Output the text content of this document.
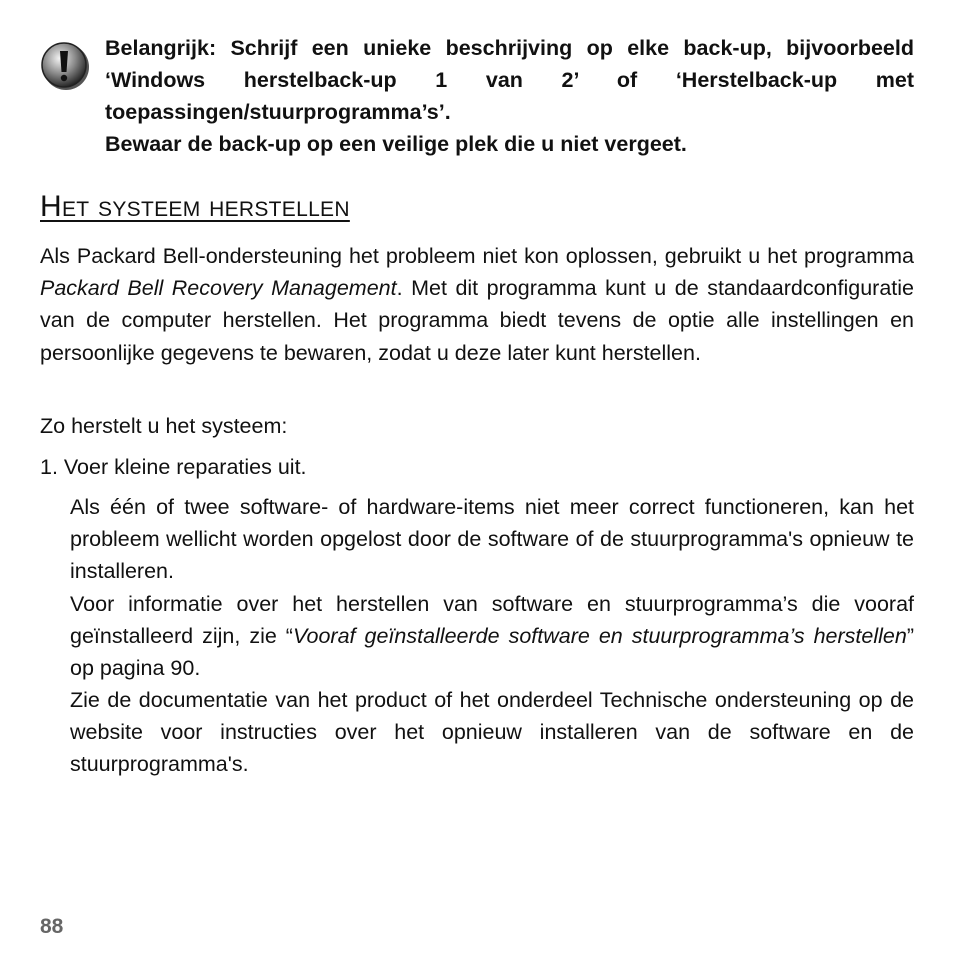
Belangrijk: Schrijf een unieke beschrijving op elke back-up, bijvoorbeeld ‘Windows herstelback-up 1 van 2’ of ‘Herstelback-up met toepassingen/stuurprogramma’s’.
Bewaar de back-up op een veilige plek die u niet vergeet.
Het systeem herstellen

Als Packard Bell-ondersteuning het probleem niet kon oplossen, gebruikt u het programma Packard Bell Recovery Management. Met dit programma kunt u de standaardconfiguratie van de computer herstellen. Het programma biedt tevens de optie alle instellingen en persoonlijke gegevens te bewaren, zodat u deze later kunt herstellen.

Zo herstelt u het systeem:

1. Voer kleine reparaties uit.

Als één of twee software- of hardware-items niet meer correct functioneren, kan het probleem wellicht worden opgelost door de software of de stuurprogramma's opnieuw te installeren.

Voor informatie over het herstellen van software en stuurprogramma’s die vooraf geïnstalleerd zijn, zie “Vooraf geïnstalleerde software en stuurprogramma’s herstellen” op pagina 90.

Zie de documentatie van het product of het onderdeel Technische ondersteuning op de website voor instructies over het opnieuw installeren van de software en de stuurprogramma's.

88
